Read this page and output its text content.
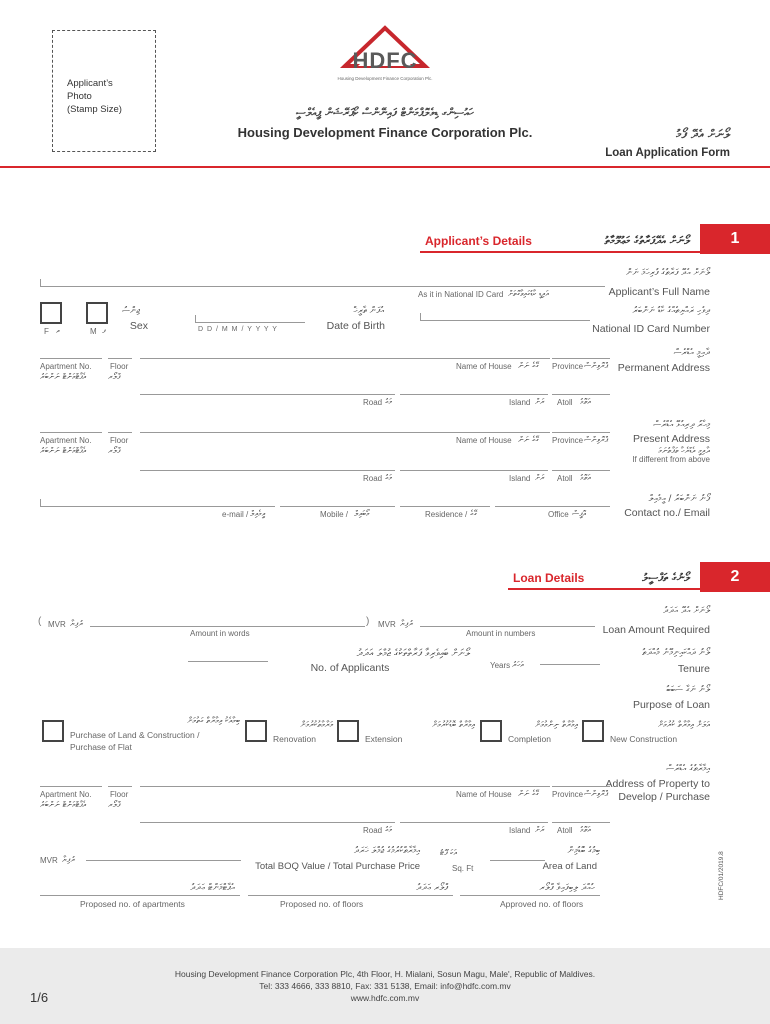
Applicant’s
Photo
(Stamp Size)
HDFC
Housing Development Finance Corporation Plc.
ހައުސިންގ ޑިވެލޮޕްމަންޓް ފައިނޭންސް ކޯޕަރޭޝަން ޕީއެލްސީ
Housing Development Finance Corporation Plc.	ލޯނަށް އެދޭ ފޯމު
Loan Application Form
Applicant’s Details	ލޯނަށް އެދޭފަރާތުގެ މަޢުލޫމާތު	1
ލޯނަށް އެދޭ ފަރާތުގެ ފުރިހަމަ ނަން
Applicant’s Full Name
As it in National ID Card އައިޑީ ކާޑުގައިވާގޮތަށް
ޖިންސު
Sex
F އ	M ފ
އުފަން ތާރީޚް
Date of Birth
D D / M M / Y Y Y Y
ދިވެހި ރައްޔިތެއްގެ ކާޑު ނަންބަރު
National ID Card Number
ދާއިމީ އެޑްރެސް
Permanent Address
Apartment No.
އެޕާޓްމަންޓް ނަންބަރު
Floor
ފްލޯރ
Name of House ގޭގެ ނަން Province ޕްރޮވިންސް
Road މަގު	Island ރަށް Atoll އަތޮޅު
މިހާރު ދިރިއުޅޭ އެޑްރެސް
Present Address
ދާއިމީ އެޑްރެހާ ތަފާތުނަމަ
If different from above
Apartment No.
އެޕާޓްމަންޓް ނަންބަރު
Floor
ފްލޯރ
Name of House ގޭގެ ނަން Province ޕްރޮވިންސް
Road މަގު	Island ރަށް Atoll އަތޮޅު
ފޯނު ނަންބަރު / އީމެއިލް
Contact no./ Email
e-mail / އީމެއިލް	Mobile / މޯބައިލް	Residence / ގޭގެ	Office އޮފީސް
Loan Details	ލޯނުގެ ތަފްސީލު	2
ލޯނަށް އެދޭ އަދަދު
Loan Amount Required
( MVR ރުފިޔާ	)
Amount in words
MVR ރުފިޔާ
Amount in numbers
ލޯނަށް ބައިވެރިވާ ފަރާތްތަކުގެ ޖުމްލަ އަދަދު
No. of Applicants
ލޯނު ދައްކައިނިމޭނެ މުއްދަތު
Tenure
Years އަހަރު
ލޯނު ނަގާ ސަބަބު
Purpose of Loan
އަލަށް އިމާރާތް ކުރުމަށް
New Construction
އިމާރާތް ނިންމުމަށް
Completion
އިމާރާތް ބޮޑުކުރުމަށް
Extension
މަރާމާތުކުރުމަށް
Renovation
ބިމާއެކު އިމާރާތް ގަތުމަށް
Purchase of Land & Construction /
Purchase of Flat
އިމާރާތުގެ އެޑްރެސް
Address of Property to
Develop / Purchase
Apartment No.
އެޕާޓްމަންޓް ނަންބަރު
Floor
ފްލޯރ
Name of House ގޭގެ ނަން Province ޕްރޮވިންސް
Road މަގު	Island ރަށް Atoll އަތޮޅު
MVR ރުފިޔާ
އިމާރާތްކުރުމުގެ ޖުމްލަ ޚަރަދު
Total BOQ Value / Total Purchase Price
އަކަ ފޫޓު
Sq. Ft
ބިމުގެ ބޮޑުމިން
Area of Land
އެޕާޓްމަންޓް ޢަދަދު
Proposed no. of apartments
ފްލޯރ ޢަދަދު
Proposed no. of floors
ހުއްދަ ލިބިފައިވާ ފްލޯރ
Approved no. of floors
HDFC/01/2019.8
Housing Development Finance Corporation Plc, 4th Floor, H. Mialani, Sosun Magu, Male', Republic of Maldives.
Tel: 333 4666, 333 8810, Fax: 331 5138, Email: info@hdfc.com.mv
www.hdfc.com.mv
1/6
